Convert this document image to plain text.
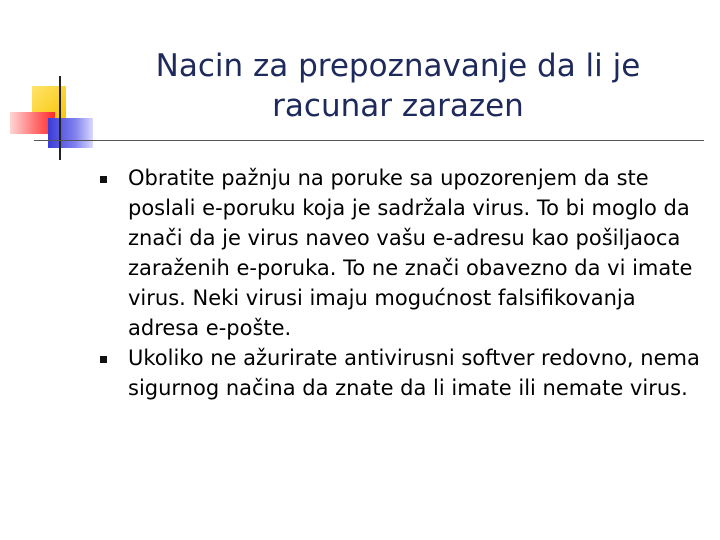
Nacin za prepoznavanje da li je racunar zarazen
Obratite pažnju na poruke sa upozorenjem da ste poslali e-poruku koja je sadržala virus. To bi moglo da znači da je virus naveo vašu e-adresu kao pošiljaoca zaraženih e-poruka. To ne znači obavezno da vi imate virus. Neki virusi imaju mogućnost falsifikovanja adresa e-pošte.
Ukoliko ne ažurirate antivirusni softver redovno, nema sigurnog načina da znate da li imate ili nemate virus.
